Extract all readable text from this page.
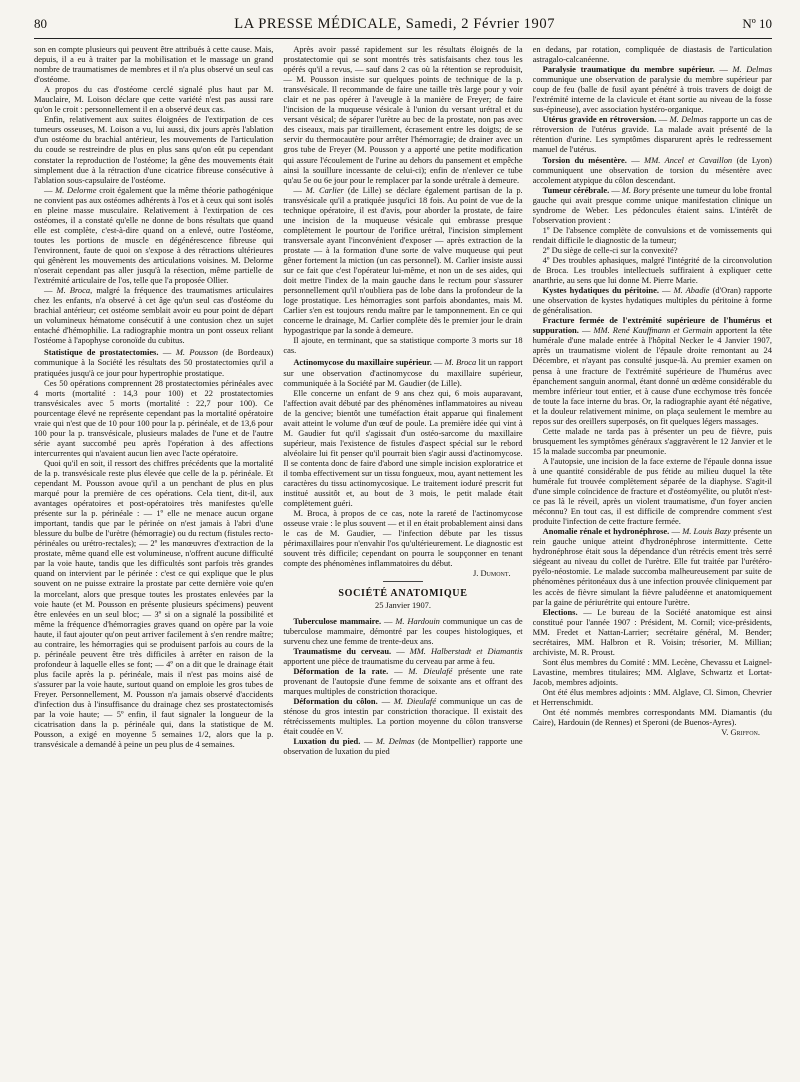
80	LA PRESSE MÉDICALE, Samedi, 2 Février 1907	Nº 10

son en compte plusieurs qui peuvent être attribués à cette cause. Mais, depuis, il a eu à traiter par la mobilisation et le massage un grand nombre de traumatismes de membres et il n'a plus observé un seul cas d'ostéome.

A propos du cas d'ostéome cerclé signalé plus haut par M. Mauclaire, M. Loison déclare que cette variété n'est pas aussi rare qu'on le croit : personnellement il en a observé deux cas.

Enfin, relativement aux suites éloignées de l'extirpation de ces tumeurs osseuses, M. Loison a vu, lui aussi, dix jours après l'ablation d'un ostéome du brachial antérieur, les mouvements de l'articulation du coude se restreindre de plus en plus sans qu'on eût pu cependant constater la reproduction de l'ostéome; la gêne des mouvements était simplement due à la rétraction d'une cicatrice fibreuse consécutive à l'ablation sous-capsulaire de l'ostéome.

— M. Delorme croit également que la même théorie pathogénique ne convient pas aux ostéomes adhérents à l'os et à ceux qui sont isolés en pleine masse musculaire. Relativement à l'extirpation de ces ostéomes, il a constaté qu'elle ne donne de bons résultats que quand elle est complète, c'est-à-dire quand on a enlevé, outre l'ostéome, toutes les portions de muscle en dégénérescence fibreuse qui l'environnent, faute de quoi on s'expose à des rétractions ultérieures qui gênèrent les mouvements des articulations voisines. M. Delorme n'oserait cependant pas aller jusqu'à la résection, même partielle de l'extrémité articulaire de l'os, telle que l'a proposée Ollier.

— M. Broca, malgré la fréquence des traumatismes articulaires chez les enfants, n'a observé à cet âge qu'un seul cas d'ostéome du brachial antérieur; cet ostéome semblait avoir eu pour point de départ un volumineux hématome consécutif à une contusion chez un sujet entaché d'hémophilie. La radiographie montra un pont osseux reliant l'ostéome à l'apophyse coronoïde du cubitus.

Statistique de prostatectomies. — M. Pousson (de Bordeaux) communique à la Société les résultats des 50 prostatectomies qu'il a pratiquées jusqu'à ce jour pour hypertrophie prostatique.

Ces 50 opérations comprennent 28 prostatectomies périnéales avec 4 morts (mortalité : 14,3 pour 100) et 22 prostatectomies transvésicales avec 5 morts (mortalité : 22,7 pour 100). Ce pourcentage élevé ne représente cependant pas la mortalité opératoire vraie qui n'est que de 10 pour 100 pour la p. périnéale, et de 13,6 pour 100 pour la p. transvésicale, plusieurs malades de l'une et de l'autre série ayant succombé peu après l'opération à des affections intercurrentes qui n'avaient aucun lien avec l'acte opératoire.

Quoi qu'il en soit, il ressort des chiffres précédents que la mortalité de la p. transvésicale reste plus élevée que celle de la p. périnéale. Et cependant M. Pousson avoue qu'il a un penchant de plus en plus marqué pour la première de ces opérations. Cela tient, dit-il, aux avantages opératoires et post-opératoires très manifestes qu'elle présente sur la p. périnéale : — 1º elle ne menace aucun organe important, tandis que par le périnée on n'est jamais à l'abri d'une blessure du bulbe de l'urètre (hémorragie) ou du rectum (fistules recto-périnéales ou urétro-rectales); — 2º les manœuvres d'extraction de la prostate, même quand elle est volumineuse, n'offrent aucune difficulté par la voie haute, tandis que les difficultés sont parfois très grandes quand on intervient par le périnée : c'est ce qui explique que le plus souvent on ne puisse extraire la prostate par cette dernière voie qu'en la morcelant, alors que presque toutes les prostates enlevées par la voie haute (et M. Pousson en présente plusieurs spécimens) peuvent être enlevées en un seul bloc; — 3º si on a signalé la possibilité et même la fréquence d'hémorragies graves quand on opère par la voie haute, il faut ajouter qu'on peut arriver facilement à s'en rendre maître; au contraire, les hémorragies qui se produisent parfois au cours de la p. périnéale peuvent être très difficiles à arrêter en raison de la profondeur à laquelle elles se font; — 4º on a dit que le drainage était plus facile après la p. périnéale, mais il n'est pas moins aisé de s'assurer par la voie haute, surtout quand on emploie les gros tubes de Freyer. Personnellement, M. Pousson n'a jamais observé d'accidents d'infection dus à l'insuffisance du drainage chez ses prostatectomisés par la voie haute; — 5º enfin, il faut signaler la longueur de la cicatrisation dans la p. périnéale qui, dans la statistique de M. Pousson, a exigé en moyenne 5 semaines 1/2, alors que la p. transvésicale a demandé à peine un peu plus de 4 semaines.

Après avoir passé rapidement sur les résultats éloignés de la prostatectomie qui se sont montrés très satisfaisants chez tous les opérés qu'il a revus, — sauf dans 2 cas où la rétention se reproduisit, — M. Pousson insiste sur quelques points de technique de la p. transvésicale. Il recommande de faire une taille très large pour y voir clair et ne pas opérer à l'aveugle à la manière de Freyer; de faire l'incision de la muqueuse vésicale à l'union du versant urétral et du versant vésical; de séparer l'urètre au bec de la prostate, non pas avec des ciseaux, mais par tiraillement, écrasement entre les doigts; de se servir du thermocautère pour arrêter l'hémorragie; de drainer avec un gros tube de Freyer (M. Pousson y a apporté une petite modification qui assure l'écoulement de l'urine au dehors du pansement et empêche ainsi la souillure incessante de celui-ci); enfin de n'enlever ce tube qu'au 5e ou 6e jour pour le remplacer par la sonde urétrale à demeure.

— M. Carlier (de Lille) se déclare également partisan de la p. transvésicale qu'il a pratiquée jusqu'ici 18 fois. Au point de vue de la technique opératoire, il est d'avis, pour aborder la prostate, de faire une incision de la muqueuse vésicale qui embrasse presque complètement le pourtour de l'orifice urétral, l'incision simplement transversale ayant l'inconvénient d'exposer — après extraction de la prostate — à la formation d'une sorte de valve muqueuse qui peut gêner fortement la miction (un cas personnel). M. Carlier insiste aussi sur ce fait que c'est l'opérateur lui-même, et non un de ses aides, qui doit mettre l'index de la main gauche dans le rectum pour s'assurer personnellement qu'il n'oubliera pas de lobe dans la profondeur de la loge prostatique. Les hémorragies sont parfois abondantes, mais M. Carlier s'en est toujours rendu maître par le tamponnement. En ce qui concerne le drainage, M. Carlier complète dès le premier jour le drain hypogastrique par la sonde à demeure.

Il ajoute, en terminant, que sa statistique comporte 3 morts sur 18 cas.

Actinomycose du maxillaire supérieur. — M. Broca lit un rapport sur une observation d'actinomycose du maxillaire supérieur, communiquée à la Société par M. Gaudier (de Lille).

Elle concerne un enfant de 9 ans chez qui, 6 mois auparavant, l'affection avait débuté par des phénomènes inflammatoires au niveau de la gencive; bientôt une tuméfaction était apparue qui finalement avait atteint le volume d'un œuf de poule. La première idée qui vint à M. Gaudier fut qu'il s'agissait d'un ostéo-sarcome du maxillaire supérieur, mais l'existence de fistules d'aspect spécial sur le rebord alvéolaire lui fit penser qu'il pourrait bien s'agir aussi d'actinomycose. Il se contenta donc de faire d'abord une simple incision exploratrice et il tomba effectivement sur un tissu fongueux, mou, ayant nettement les caractères du tissu actinomycosique. Le traitement ioduré prescrit fut institué aussitôt et, au bout de 3 mois, le petit malade était complètement guéri.

M. Broca, à propos de ce cas, note la rareté de l'actinomycose osseuse vraie : le plus souvent — et il en était probablement ainsi dans le cas de M. Gaudier, — l'infection débute par les tissus périmaxillaires pour n'envahir l'os qu'ultérieurement. Le diagnostic est souvent très difficile; cependant on pourra le soupçonner en tenant compte des phénomènes inflammatoires du début.

J. Dumont.

SOCIÉTÉ ANATOMIQUE

25 Janvier 1907.

Tuberculose mammaire. — M. Hardouin communique un cas de tuberculose mammaire, démontré par les coupes histologiques, et survenu chez une femme de trente-deux ans.

Traumatisme du cerveau. — MM. Halberstadt et Diamantis apportent une pièce de traumatisme du cerveau par arme à feu.

Déformation de la rate. — M. Dieulafé présente une rate provenant de l'autopsie d'une femme de soixante ans et offrant des marques multiples de constriction thoracique.

Déformation du côlon. — M. Dieulafé communique un cas de sténose du gros intestin par constriction thoracique. Il existait des rétrécissements multiples. La portion moyenne du côlon transverse était coudée en V.

Luxation du pied. — M. Delmas (de Montpellier) rapporte une observation de luxation du pied

en dedans, par rotation, compliquée de diastasis de l'articulation astragalo-calcanéenne.

Paralysie traumatique du membre supérieur. — M. Delmas communique une observation de paralysie du membre supérieur par coup de feu (balle de fusil ayant pénétré à trois travers de doigt de l'extrémité interne de la clavicule et étant sortie au niveau de la fosse sus-épineuse), avec association hystéro-organique.

Utérus gravide en rétroversion. — M. Delmas rapporte un cas de rétroversion de l'utérus gravide. La malade avait présenté de la rétention d'urine. Les symptômes disparurent après le redressement manuel de l'utérus.

Torsion du mésentère. — MM. Ancel et Cavaillon (de Lyon) communiquent une observation de torsion du mésentère avec accolement atypique du côlon descendant.

Tumeur cérébrale. — M. Bory présente une tumeur du lobe frontal gauche qui avait presque comme unique manifestation clinique un syndrome de Weber. Les pédoncules étaient sains. L'intérêt de l'observation provient :

1º De l'absence complète de convulsions et de vomissements qui rendait difficile le diagnostic de la tumeur;

2º Du siège de celle-ci sur la convexité?

4º Des troubles aphasiques, malgré l'intégrité de la circonvolution de Broca. Les troubles intellectuels suffiraient à expliquer cette anarthrie, au sens que lui donne M. Pierre Marie.

Kystes hydatiques du péritoine. — M. Abadie (d'Oran) rapporte une observation de kystes hydatiques multiples du péritoine à forme de généralisation.

Fracture fermée de l'extrémité supérieure de l'humérus et suppuration. — MM. René Kauffmann et Germain apportent la tête humérale d'une malade entrée à l'hôpital Necker le 4 Janvier 1907, après un traumatisme violent de l'épaule droite remontant au 24 Décembre, et n'ayant pas consulté jusque-là. Au premier examen on pensa à une fracture de l'extrémité supérieure de l'humérus avec épanchement sanguin anormal, étant donné un œdème considérable du membre inférieur tout entier, et à cause d'une ecchymose très foncée de toute la face interne du bras. Or, la radiographie ayant été négative, et la douleur relativement minime, on plaça seulement le membre au repos sur des oreillers superposés, on fit quelques légers massages.

Cette malade ne tarda pas à présenter un peu de fièvre, puis brusquement les symptômes généraux s'aggravèrent le 12 Janvier et le 15 la malade succomba par pneumonie.

A l'autopsie, une incision de la face externe de l'épaule donna issue à une quantité considérable de pus fétide au milieu duquel la tête humérale fut trouvée complètement séparée de la diaphyse. S'agit-il d'une simple coïncidence de fracture et d'ostéomyélite, ou plutôt n'est-ce pas là le réveil, après un violent traumatisme, d'un foyer ancien méconnu? En tout cas, il est difficile de comprendre comment s'est produite l'infection de cette fracture fermée.

Anomalie rénale et hydronéphrose. — M. Louis Bazy présente un rein gauche unique atteint d'hydronéphrose intermittente. Cette hydronéphrose était sous la dépendance d'un rétrécis ement très serré siégeant au niveau du collet de l'urètre. Elle fut traitée par l'urétéro-pyélo-néostomie. Le malade succomba malheureusement par suite de phénomènes péritonéaux dus à une infection prouvée cliniquement par les accès de fièvre simulant la fièvre paludéenne et anatomiquement par la gaine de périurétrite qui entoure l'urètre.

Elections. — Le bureau de la Société anatomique est ainsi constitué pour l'année 1907 : Président, M. Cornil; vice-présidents, MM. Fredet et Nattan-Larrier; secrétaire général, M. Bender; secrétaires, MM. Halbron et R. Voisin; trésorier, M. Millian; archiviste, M. R. Proust.

Sont élus membres du Comité : MM. Lecène, Chevassu et Laignel-Lavastine, membres titulaires; MM. Alglave, Schwartz et Lortat-Jacob, membres adjoints.

Ont été élus membres adjoints : MM. Alglave, Cl. Simon, Chevrier et Herrenschmidt.

Ont été nommés membres correspondants MM. Diamantis (du Caire), Hardouin (de Rennes) et Speroni (de Buenos-Ayres).

V. Griffon.
